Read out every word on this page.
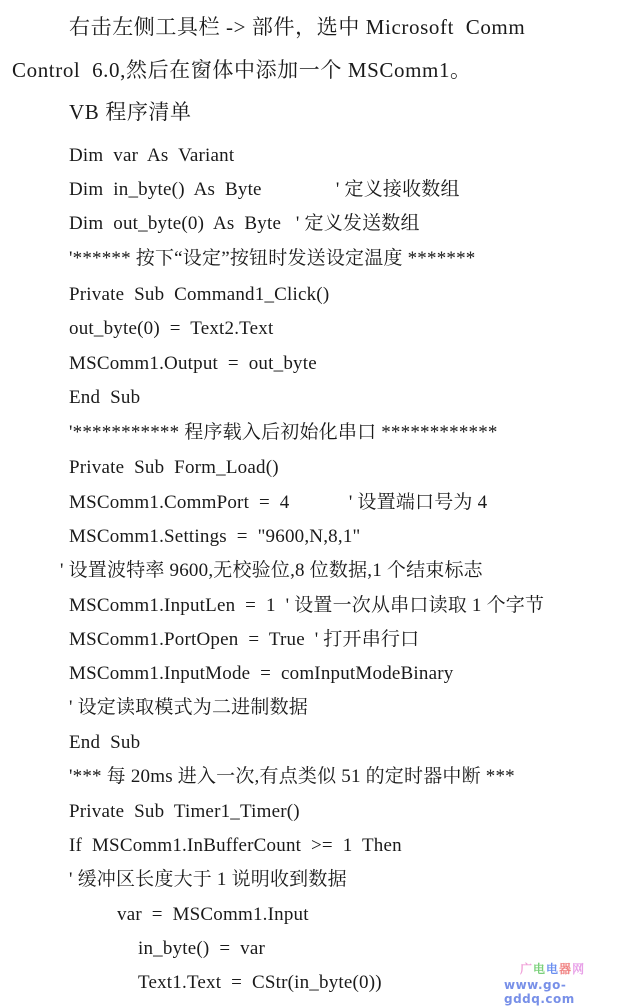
右击左侧工具栏 -> 部件，选中 Microsoft  Comm
Control  6.0,然后在窗体中添加一个 MSComm1。
VB 程序清单
Dim  var  As  Variant
Dim  in_byte()  As  Byte               ' 定义接收数组
Dim  out_byte(0)  As  Byte   ' 定义发送数组
'****** 按下“设定”按钮时发送设定温度 *******
Private  Sub  Command1_Click()
out_byte(0)  =  Text2.Text
MSComm1.Output  =  out_byte
End  Sub
'*********** 程序载入后初始化串口 ************
Private  Sub  Form_Load()
MSComm1.CommPort  =  4            ' 设置端口号为 4
MSComm1.Settings  =  "9600,N,8,1"
' 设置波特率 9600,无校验位,8 位数据,1 个结束标志
MSComm1.InputLen  =  1  ' 设置一次从串口读取 1 个字节
MSComm1.PortOpen  =  True  ' 打开串行口
MSComm1.InputMode  =  comInputModeBinary
' 设定读取模式为二进制数据
End  Sub
'*** 每 20ms 进入一次,有点类似 51 的定时器中断 ***
Private  Sub  Timer1_Timer()
If  MSComm1.InBufferCount  >=  1  Then
' 缓冲区长度大于 1 说明收到数据
var  =  MSComm1.Input
in_byte()  =  var
Text1.Text  =  CStr(in_byte(0))
广电电器网
www.go-gddq.com
